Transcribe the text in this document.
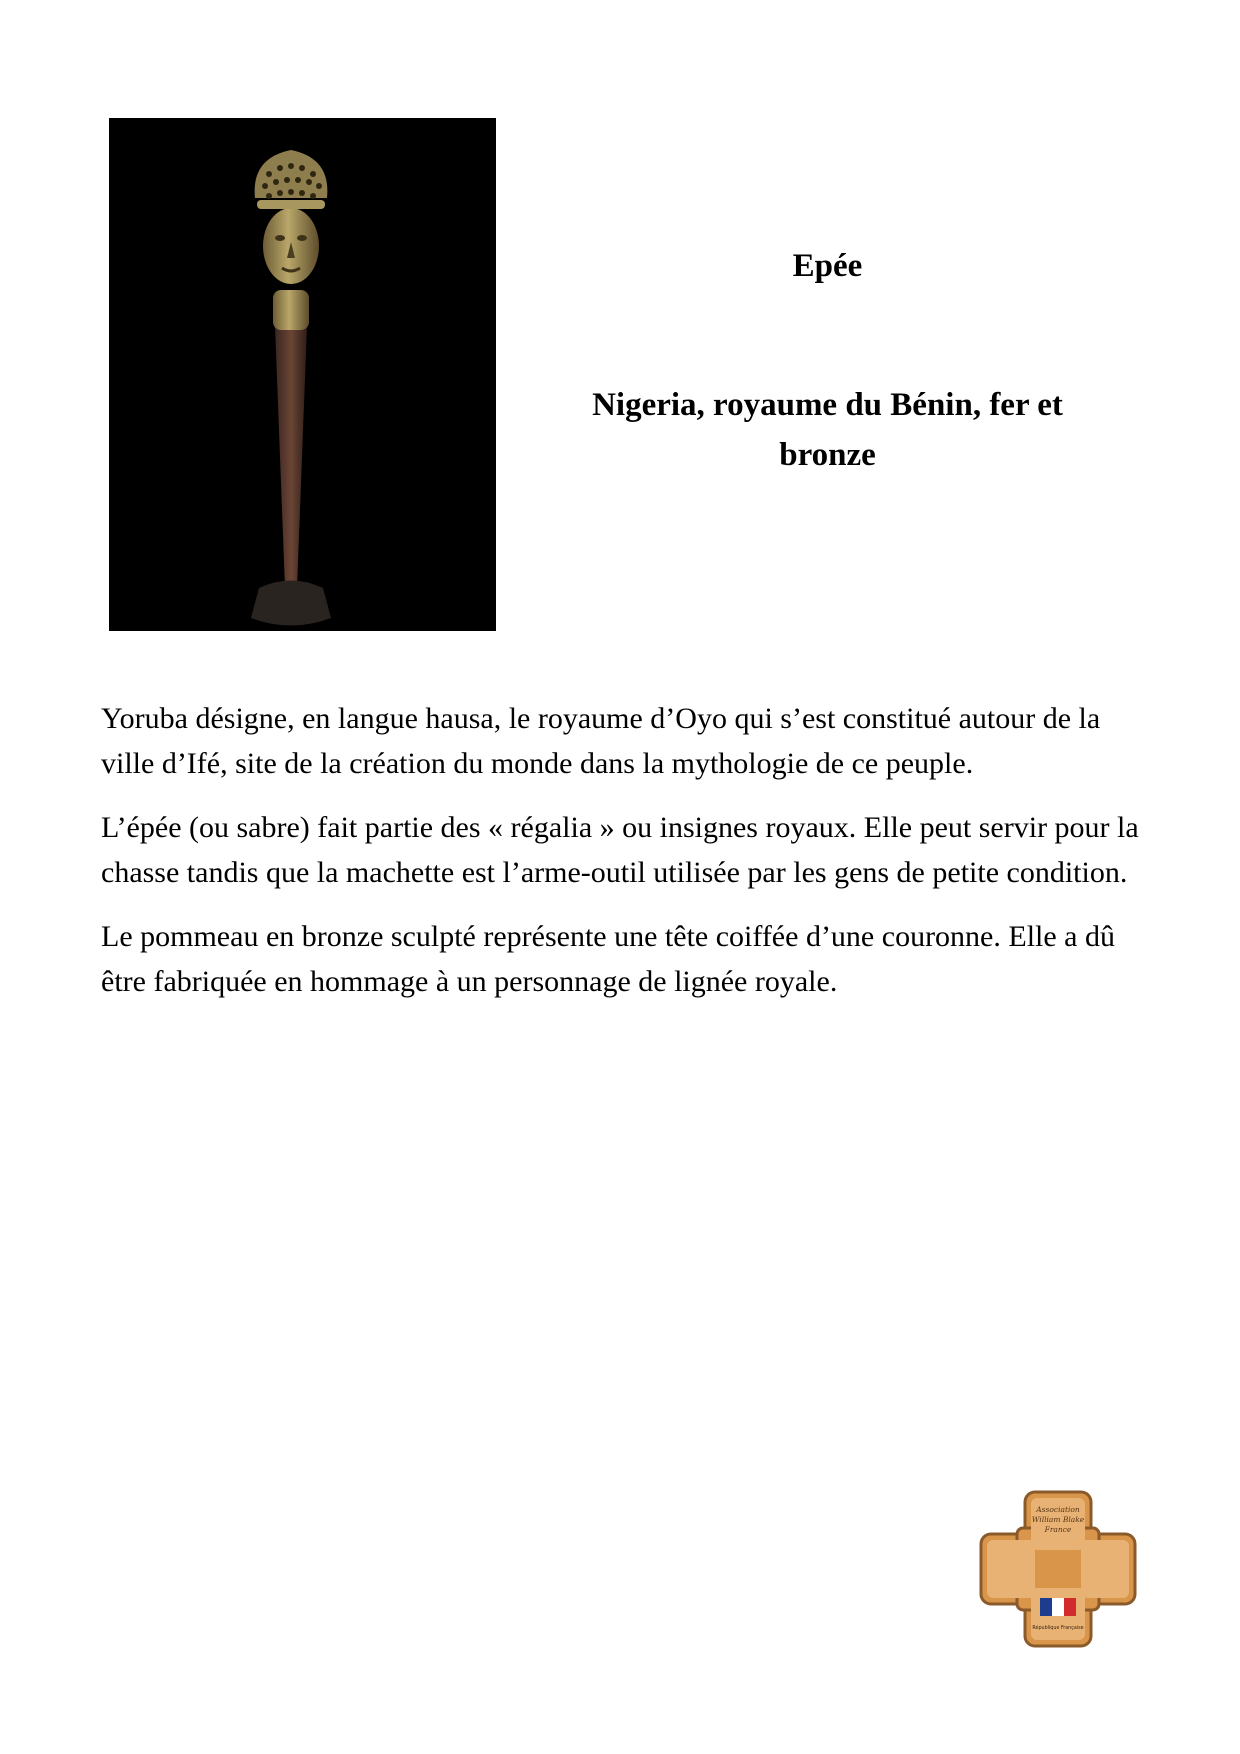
Epée
Nigeria, royaume du Bénin, fer et bronze

Yoruba désigne, en langue hausa, le royaume d’Oyo qui s’est constitué autour de la ville d’Ifé, site de la création du monde dans la mythologie de ce peuple.

L’épée (ou sabre) fait partie des « régalia » ou insignes royaux. Elle peut servir pour la chasse tandis que la machette est l’arme-outil utilisée par les gens de petite condition.

Le pommeau en bronze sculpté représente une tête coiffée d’une couronne. Elle a dû être fabriquée en hommage à un personnage de lignée royale.

Association
William Blake
France
République Française
